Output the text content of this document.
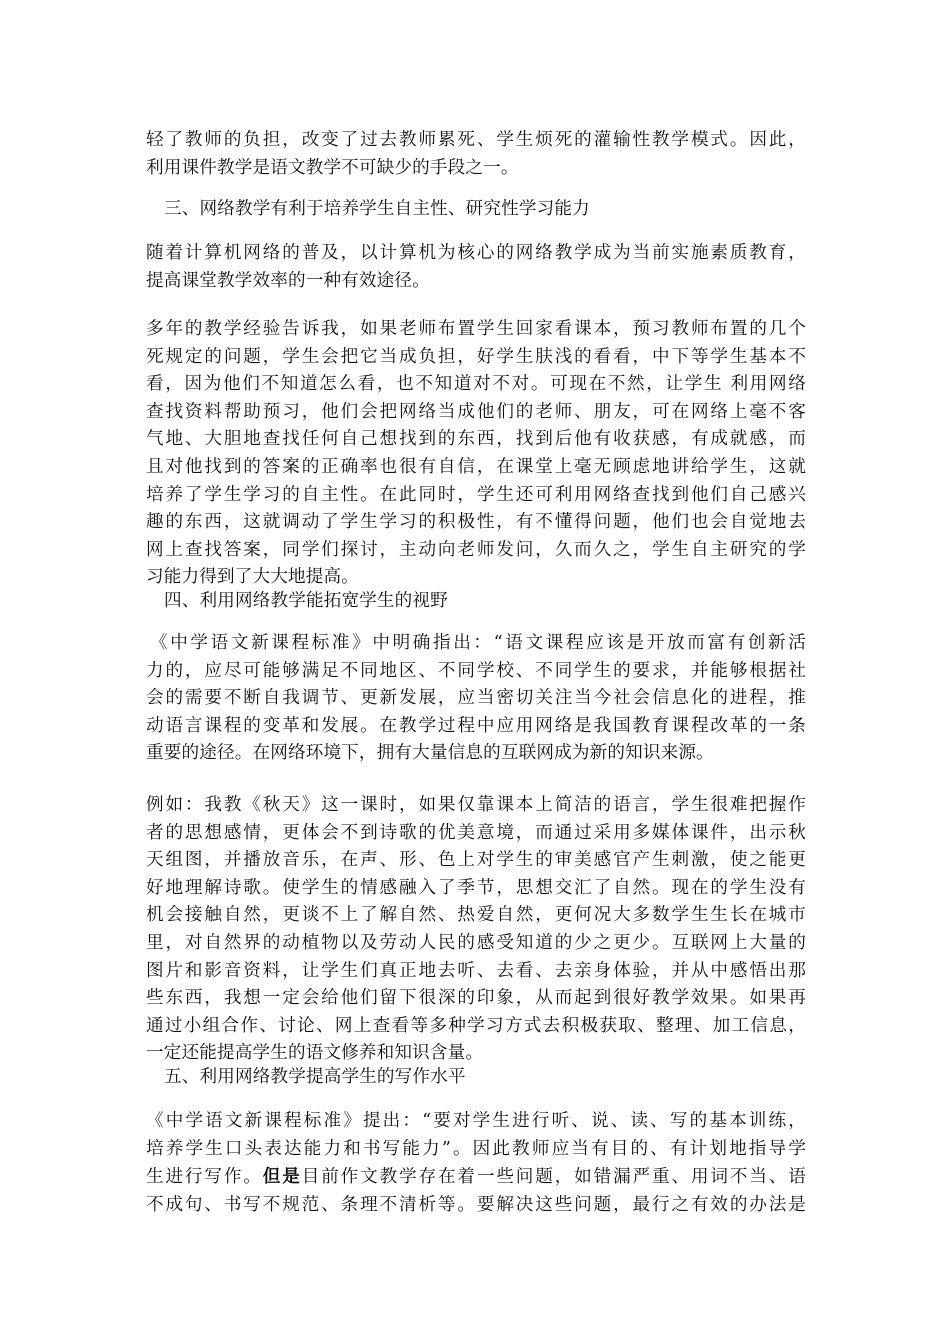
轻了教师的负担，改变了过去教师累死、学生烦死的灌输性教学模式。因此，
利用课件教学是语文教学不可缺少的手段之一。
三、网络教学有利于培养学生自主性、研究性学习能力
随着计算机网络的普及，以计算机为核心的网络教学成为当前实施素质教育，
提高课堂教学效率的一种有效途径。
多年的教学经验告诉我，如果老师布置学生回家看课本，预习教师布置的几个
死规定的问题，学生会把它当成负担，好学生肤浅的看看，中下等学生基本不
看，因为他们不知道怎么看，也不知道对不对。可现在不然，让学生 利用网络
查找资料帮助预习，他们会把网络当成他们的老师、朋友，可在网络上毫不客
气地、大胆地查找任何自己想找到的东西，找到后他有收获感，有成就感，而
且对他找到的答案的正确率也很有自信，在课堂上毫无顾虑地讲给学生，这就
培养了学生学习的自主性。在此同时，学生还可利用网络查找到他们自己感兴
趣的东西，这就调动了学生学习的积极性，有不懂得问题，他们也会自觉地去
网上查找答案，同学们探讨，主动向老师发问，久而久之，学生自主研究的学
习能力得到了大大地提高。
四、利用网络教学能拓宽学生的视野
《中学语文新课程标准》中明确指出：“语文课程应该是开放而富有创新活
力的，应尽可能够满足不同地区、不同学校、不同学生的要求，并能够根据社
会的需要不断自我调节、更新发展，应当密切关注当今社会信息化的进程，推
动语言课程的变革和发展。在教学过程中应用网络是我国教育课程改革的一条
重要的途径。在网络环境下，拥有大量信息的互联网成为新的知识来源。
例如：我教《秋天》这一课时，如果仅靠课本上简洁的语言，学生很难把握作
者的思想感情，更体会不到诗歌的优美意境，而通过采用多媒体课件，出示秋
天组图，并播放音乐，在声、形、色上对学生的审美感官产生刺激，使之能更
好地理解诗歌。使学生的情感融入了季节，思想交汇了自然。现在的学生没有
机会接触自然，更谈不上了解自然、热爱自然，更何况大多数学生生长在城市
里，对自然界的动植物以及劳动人民的感受知道的少之更少。互联网上大量的
图片和影音资料，让学生们真正地去听、去看、去亲身体验，并从中感悟出那
些东西，我想一定会给他们留下很深的印象，从而起到很好教学效果。如果再
通过小组合作、讨论、网上查看等多种学习方式去积极获取、整理、加工信息，
一定还能提高学生的语文修养和知识含量。
五、利用网络教学提高学生的写作水平
《中学语文新课程标准》提出：“要对学生进行听、说、读、写的基本训练，
培养学生口头表达能力和书写能力”。因此教师应当有目的、有计划地指导学
生进行写作。但是目前作文教学存在着一些问题，如错漏严重、用词不当、语
不成句、书写不规范、条理不清析等。要解决这些问题，最行之有效的办法是
